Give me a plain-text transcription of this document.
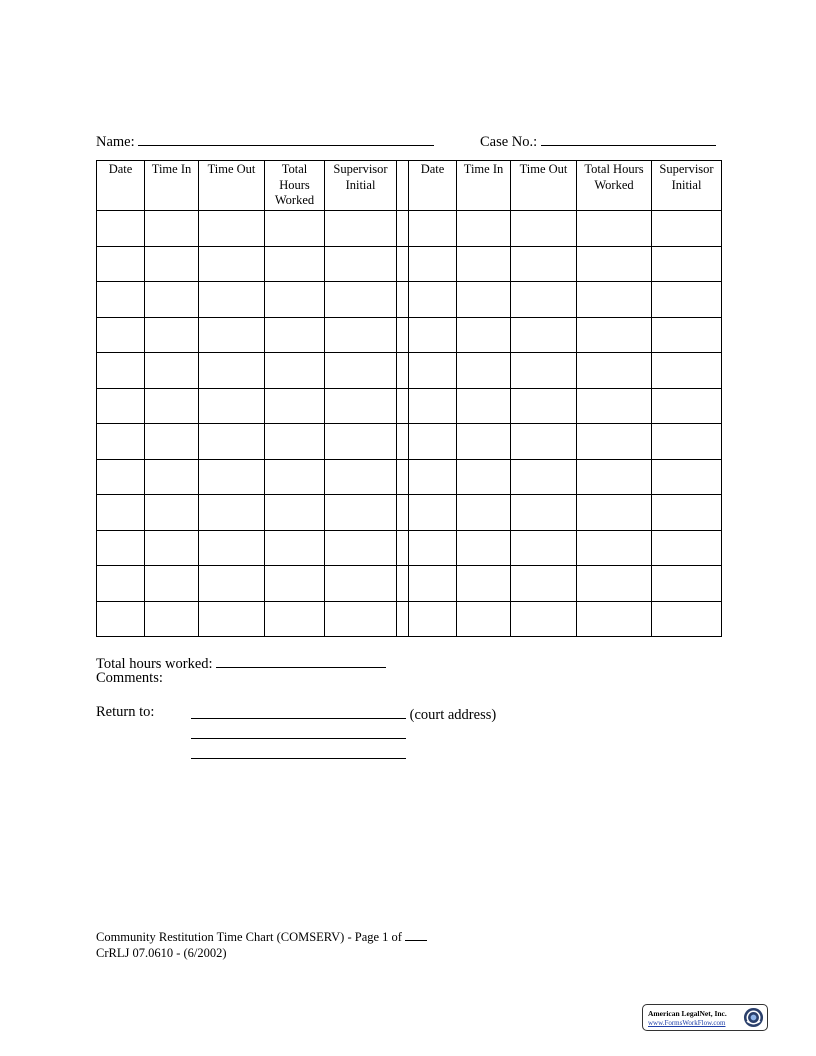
Name:	Case No.:
Date	Time In	Time Out	Total Hours Worked	Supervisor Initial		Date	Time In	Time Out	Total Hours Worked	Supervisor Initial

Total hours worked:
Comments:
Return to:	(court address)
Community Restitution Time Chart (COMSERV) - Page 1 of
CrRLJ 07.0610 - (6/2002)
American LegalNet, Inc.
www.FormsWorkFlow.com
